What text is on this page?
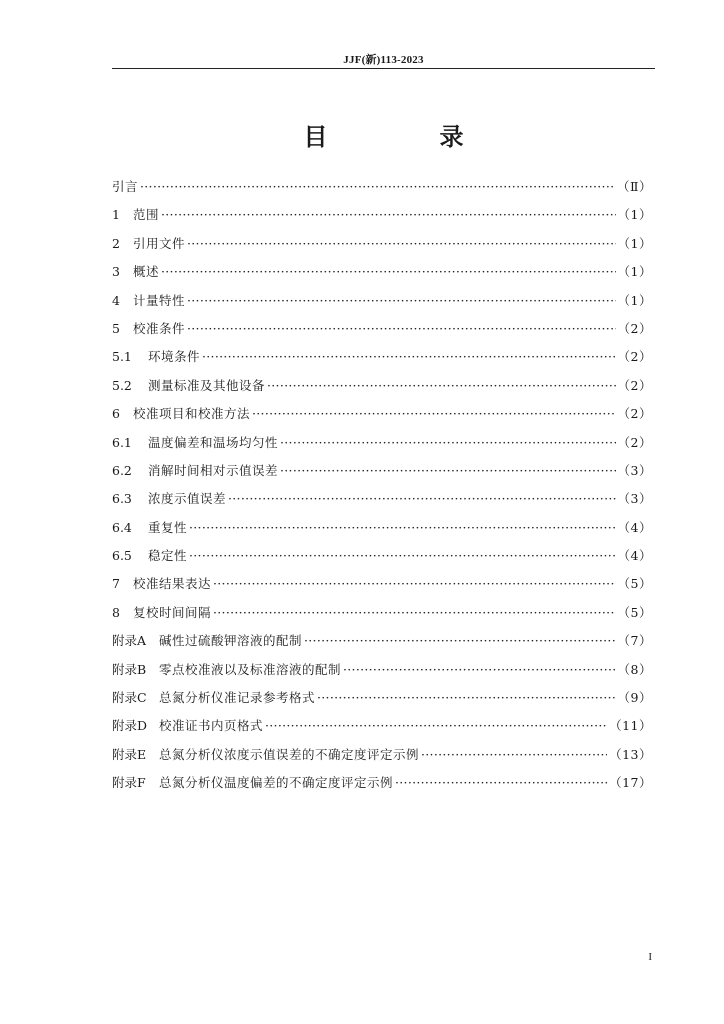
JJF(新)113-2023
目　录
引言 ·····	（Ⅱ）
1	范围 ·····	（1）
2	引用文件 ·····	（1）
3	概述 ·····	（1）
4	计量特性 ·····	（1）
5	校准条件 ·····	（2）
5.1	环境条件 ·····	（2）
5.2	测量标准及其他设备 ·····	（2）
6	校准项目和校准方法 ·····	（2）
6.1	温度偏差和温场均匀性 ·····	（2）
6.2	消解时间相对示值误差 ·····	（3）
6.3	浓度示值误差 ·····	（3）
6.4	重复性 ·····	（4）
6.5	稳定性 ·····	（4）
7	校准结果表达 ·····	（5）
8	复校时间间隔 ·····	（5）
附录A	碱性过硫酸钾溶液的配制 ·····	（7）
附录B	零点校准液以及标准溶液的配制 ·····	（8）
附录C 总氮分析仪准记录参考格式 ·····	（9）
附录D 校准证书内页格式 ·····	（11）
附录E	总氮分析仪浓度示值误差的不确定度评定示例 ·····	（13）
附录F	总氮分析仪温度偏差的不确定度评定示例 ·····	（17）
I
